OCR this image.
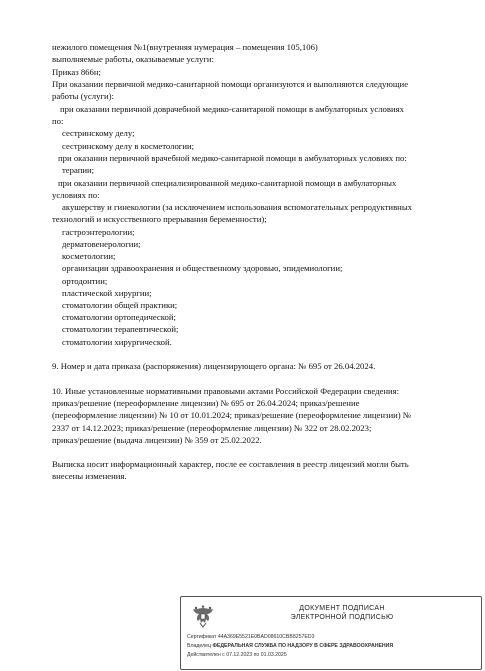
нежилого помещения №1(внутренняя нумерация – помещения 105,106)
выполняемые работы, оказываемые услуги:
Приказ 866н;
При оказании первичной медико-санитарной помощи организуются и выполняются следующие
работы (услуги):
при оказании первичной доврачебной медико-санитарной помощи в амбулаторных условиях
по:
сестринскому делу;
сестринскому делу в косметологии;
при оказании первичной врачебной медико-санитарной помощи в амбулаторных условиях по:
терапии;
при оказании первичной специализированной медико-санитарной помощи в амбулаторных
условиях по:
акушерству и гинекологии (за исключением использования вспомогательных репродуктивных
технологий и искусственного прерывания беременности);
гастроэнтерологии;
дерматовенерологии;
косметологии;
организации здравоохранения и общественному здоровью, эпидемиологии;
ортодонтии;
пластической хирургии;
стоматологии общей практики;
стоматологии ортопедической;
стоматологии терапевтической;
стоматологии хирургической.
9. Номер и дата приказа (распоряжения) лицензирующего органа: № 695 от 26.04.2024.
10. Иные установленные нормативными правовыми актами Российской Федерации сведения:
приказ/решение (переоформление лицензии) № 695 от 26.04.2024; приказ/решение
(переоформление лицензии) № 10 от 10.01.2024; приказ/решение (переоформление лицензии) №
2337 от 14.12.2023; приказ/решение (переоформление лицензии) № 322 от 28.02.2023;
приказ/решение (выдача лицензии) № 359 от 25.02.2022.
Выписка носит информационный характер, после ее составления в реестр лицензий могли быть
внесены изменения.
ДОКУМЕНТ ПОДПИСАН
ЭЛЕКТРОННОЙ ПОДПИСЬЮ
Сертификат 44A369E5521E0BAD08610CBB8257ED3
Владелец ФЕДЕРАЛЬНАЯ СЛУЖБА ПО НАДЗОРУ В СФЕРЕ ЗДРАВООХРАНЕНИЯ
Действителен с 07.12.2023 по 01.03.2025
